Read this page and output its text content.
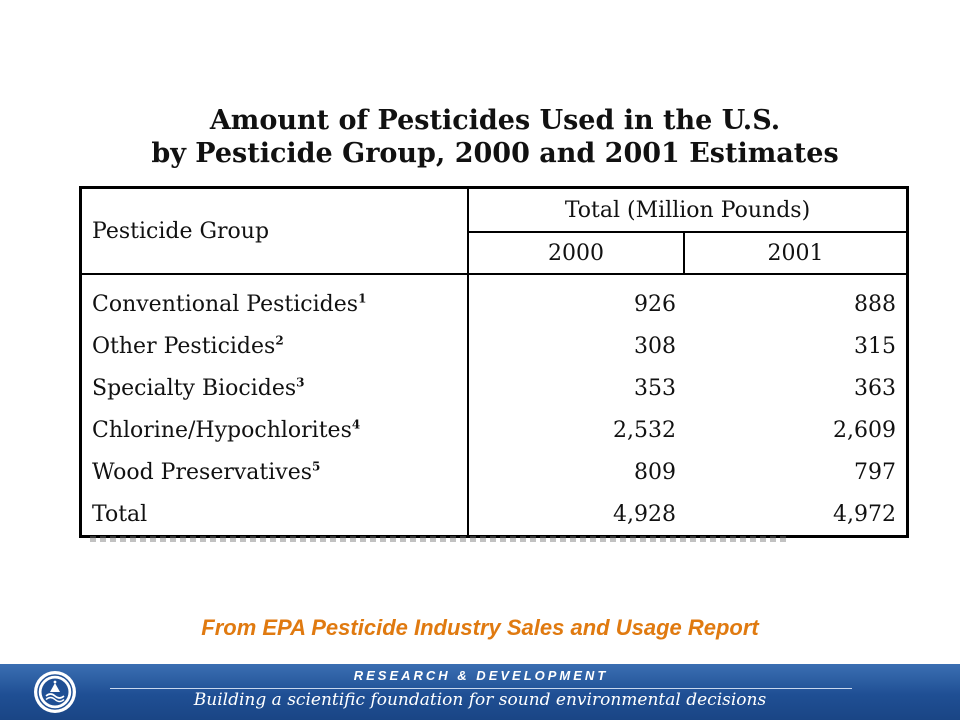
Amount of Pesticides Used in the U.S.
by Pesticide Group, 2000 and 2001 Estimates
Pesticide Group	Total (Million Pounds)	
	2000	2001
Conventional Pesticides$^1$	926	888
Other Pesticides$^2$	308	315
Specialty Biocides$^3$	353	363
Chlorine/Hypochlorites$^4$	2,532	2,609
Wood Preservatives$^5$	809	797
Total	4,928	4,972
From EPA Pesticide Industry Sales and Usage Report
RESEARCH & DEVELOPMENT
Building a scientific foundation for sound environmental decisions
